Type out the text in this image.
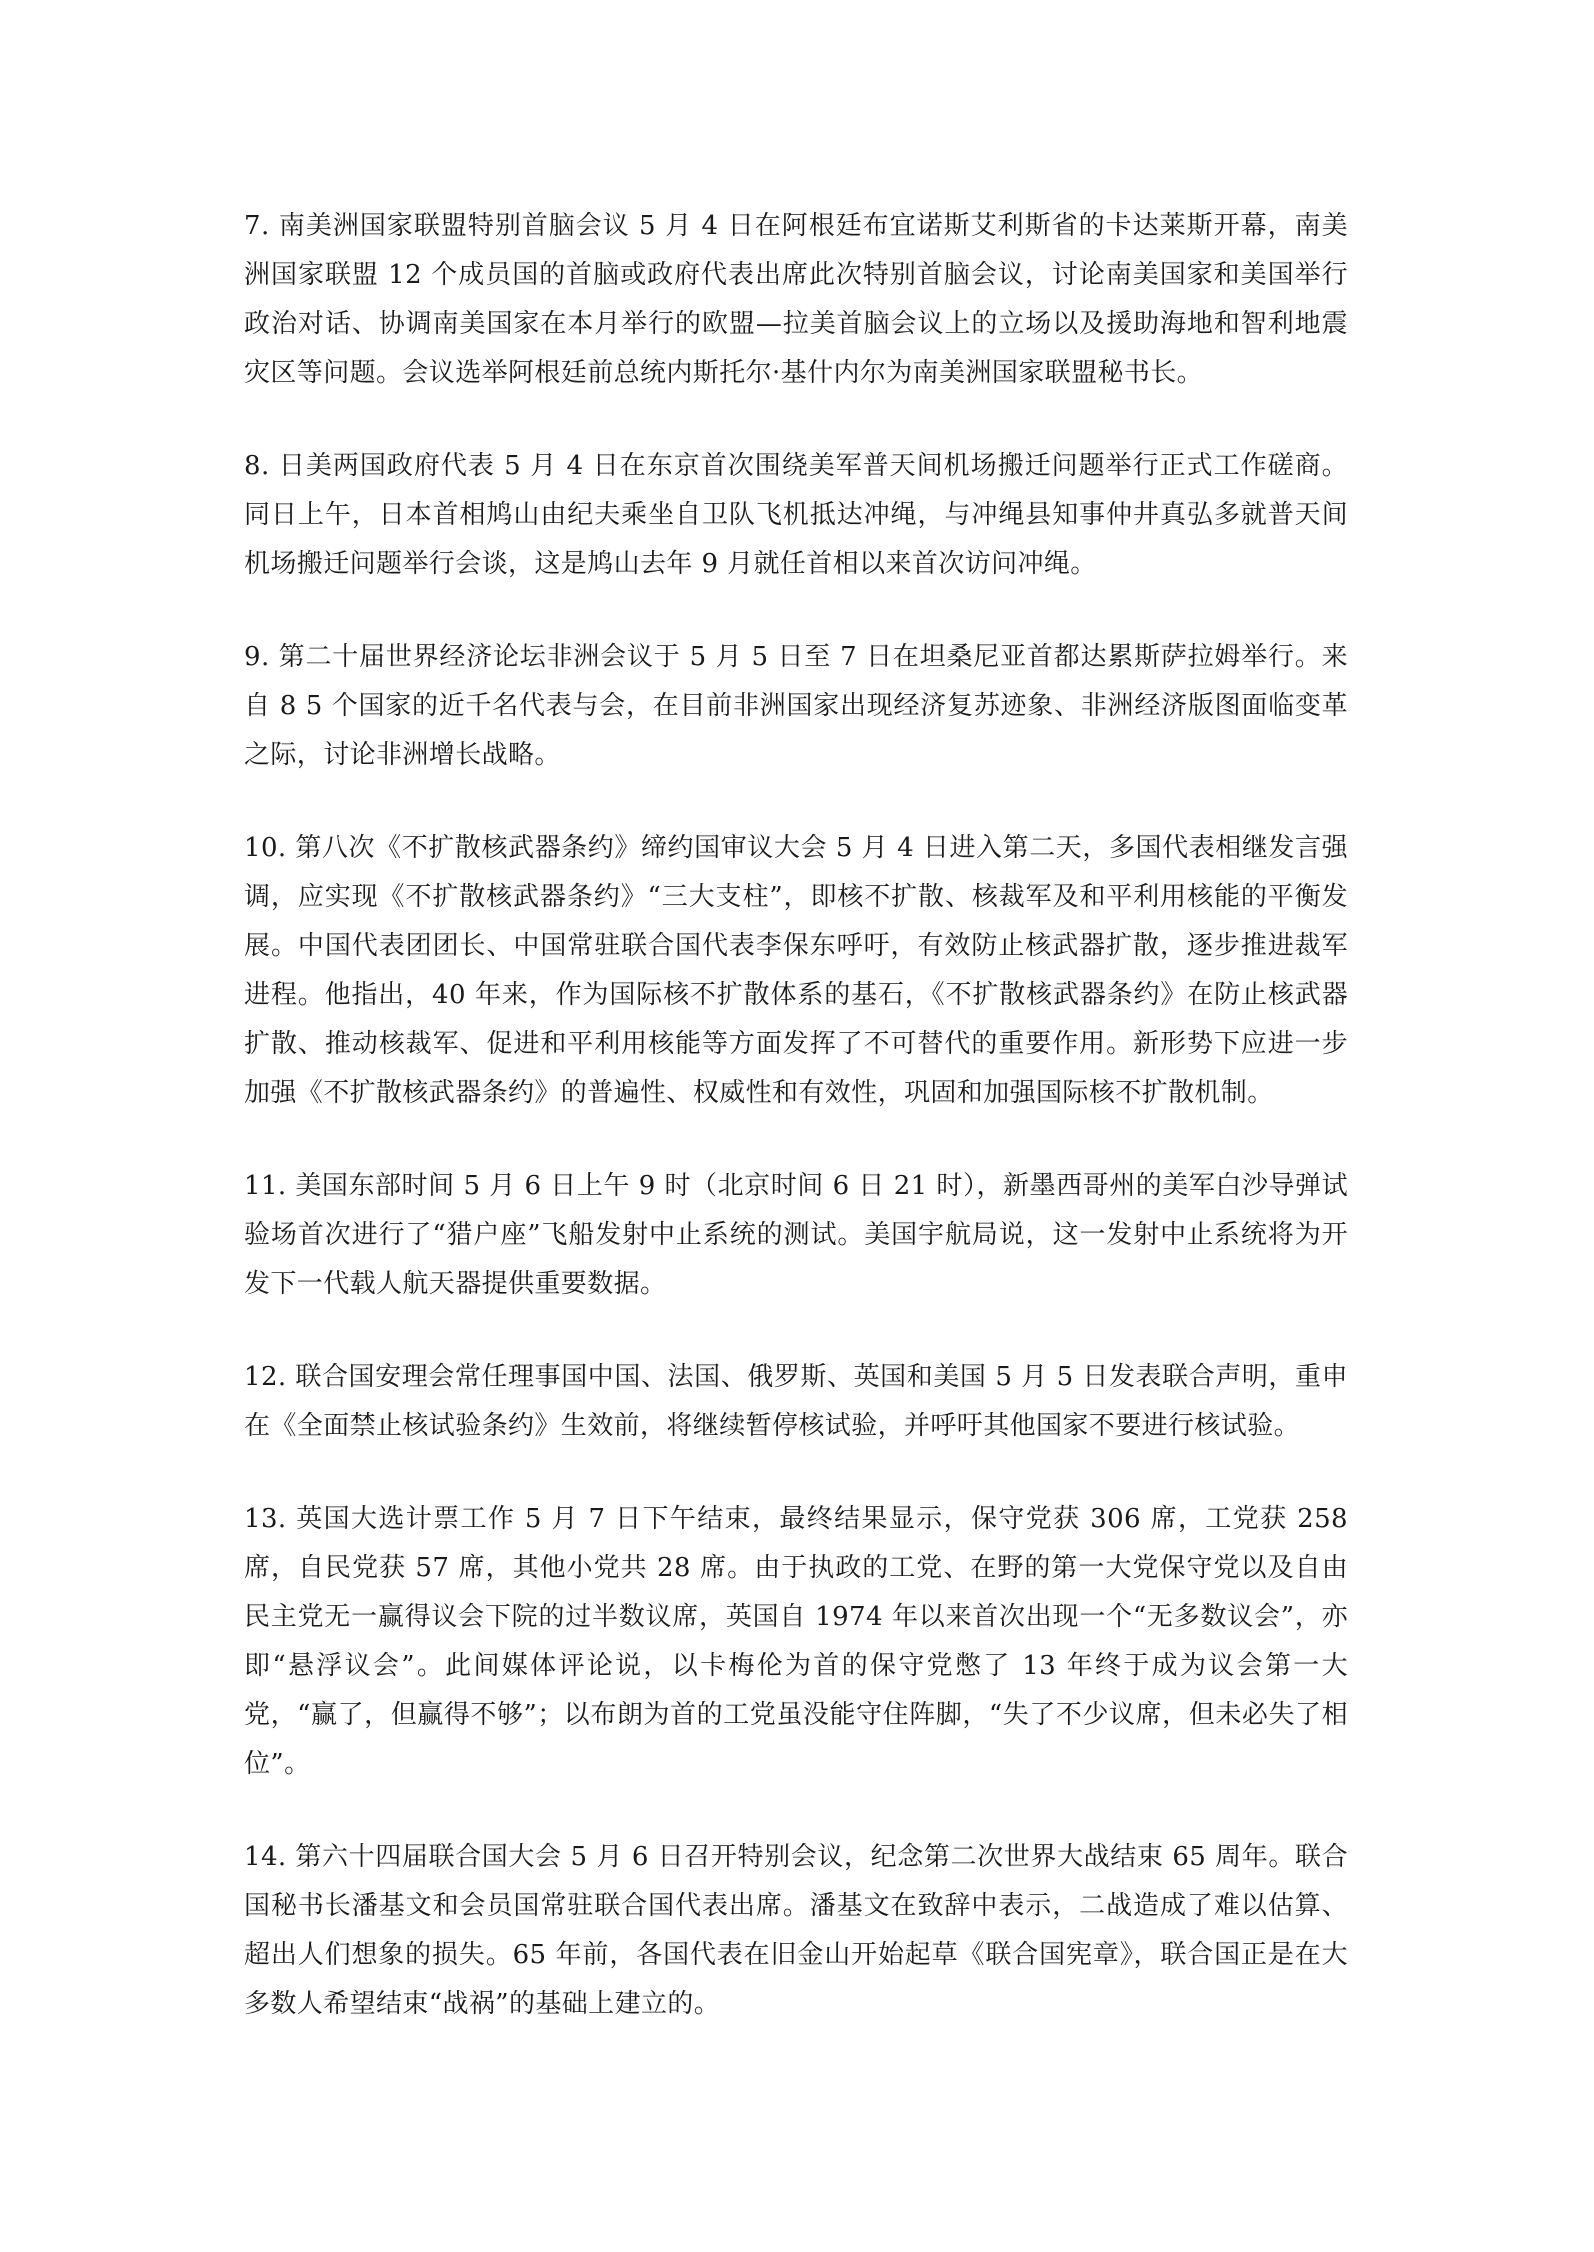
7. 南美洲国家联盟特别首脑会议 5 月 4 日在阿根廷布宜诺斯艾利斯省的卡达莱斯开幕，南美洲国家联盟 12 个成员国的首脑或政府代表出席此次特别首脑会议，讨论南美国家和美国举行政治对话、协调南美国家在本月举行的欧盟—拉美首脑会议上的立场以及援助海地和智利地震灾区等问题。会议选举阿根廷前总统内斯托尔·基什内尔为南美洲国家联盟秘书长。

8. 日美两国政府代表 5 月 4 日在东京首次围绕美军普天间机场搬迁问题举行正式工作磋商。同日上午，日本首相鸠山由纪夫乘坐自卫队飞机抵达冲绳，与冲绳县知事仲井真弘多就普天间机场搬迁问题举行会谈，这是鸠山去年 9 月就任首相以来首次访问冲绳。

9. 第二十届世界经济论坛非洲会议于 5 月 5 日至 7 日在坦桑尼亚首都达累斯萨拉姆举行。来自 8 5 个国家的近千名代表与会，在目前非洲国家出现经济复苏迹象、非洲经济版图面临变革之际，讨论非洲增长战略。

10. 第八次《不扩散核武器条约》缔约国审议大会 5 月 4 日进入第二天，多国代表相继发言强调，应实现《不扩散核武器条约》“三大支柱”，即核不扩散、核裁军及和平利用核能的平衡发展。中国代表团团长、中国常驻联合国代表李保东呼吁，有效防止核武器扩散，逐步推进裁军进程。他指出，40 年来，作为国际核不扩散体系的基石，《不扩散核武器条约》在防止核武器扩散、推动核裁军、促进和平利用核能等方面发挥了不可替代的重要作用。新形势下应进一步加强《不扩散核武器条约》的普遍性、权威性和有效性，巩固和加强国际核不扩散机制。

11. 美国东部时间 5 月 6 日上午 9 时（北京时间 6 日 21 时），新墨西哥州的美军白沙导弹试验场首次进行了“猎户座”飞船发射中止系统的测试。美国宇航局说，这一发射中止系统将为开发下一代载人航天器提供重要数据。

12. 联合国安理会常任理事国中国、法国、俄罗斯、英国和美国 5 月 5 日发表联合声明，重申在《全面禁止核试验条约》生效前，将继续暂停核试验，并呼吁其他国家不要进行核试验。

13. 英国大选计票工作 5 月 7 日下午结束，最终结果显示，保守党获 306 席，工党获 258 席，自民党获 57 席，其他小党共 28 席。由于执政的工党、在野的第一大党保守党以及自由民主党无一赢得议会下院的过半数议席，英国自 1974 年以来首次出现一个“无多数议会”，亦即“悬浮议会”。此间媒体评论说，以卡梅伦为首的保守党憋了 13 年终于成为议会第一大党，“赢了，但赢得不够”；以布朗为首的工党虽没能守住阵脚，“失了不少议席，但未必失了相位”。

14. 第六十四届联合国大会 5 月 6 日召开特别会议，纪念第二次世界大战结束 65 周年。联合国秘书长潘基文和会员国常驻联合国代表出席。潘基文在致辞中表示，二战造成了难以估算、超出人们想象的损失。65 年前，各国代表在旧金山开始起草《联合国宪章》，联合国正是在大多数人希望结束“战祸”的基础上建立的。
